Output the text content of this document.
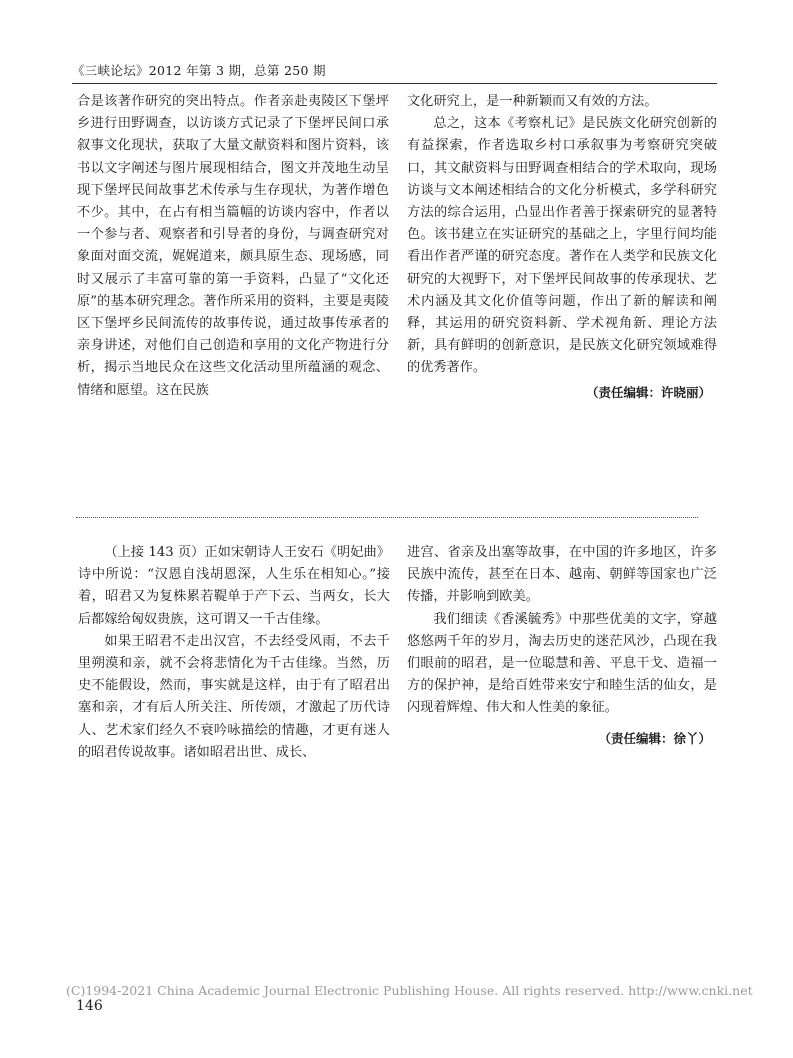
《三峡论坛》2012 年第 3 期，总第 250 期

合是该著作研究的突出特点。作者亲赴夷陵区下堡坪乡进行田野调查，以访谈方式记录了下堡坪民间口承叙事文化现状，获取了大量文献资料和图片资料，该书以文字阐述与图片展现相结合，图文并茂地生动呈现下堡坪民间故事艺术传承与生存现状，为著作增色不少。其中，在占有相当篇幅的访谈内容中，作者以一个参与者、观察者和引导者的身份，与调查研究对象面对面交流，娓娓道来，颇具原生态、现场感，同时又展示了丰富可靠的第一手资料，凸显了“文化还原”的基本研究理念。著作所采用的资料，主要是夷陵区下堡坪乡民间流传的故事传说，通过故事传承者的亲身讲述，对他们自己创造和享用的文化产物进行分析，揭示当地民众在这些文化活动里所蕴涵的观念、情绪和愿望。这在民族

文化研究上，是一种新颖而又有效的方法。

总之，这本《考察札记》是民族文化研究创新的有益探索，作者选取乡村口承叙事为考察研究突破口，其文献资料与田野调查相结合的学术取向，现场访谈与文本阐述相结合的文化分析模式，多学科研究方法的综合运用，凸显出作者善于探索研究的显著特色。该书建立在实证研究的基础之上，字里行间均能看出作者严谨的研究态度。著作在人类学和民族文化研究的大视野下，对下堡坪民间故事的传承现状、艺术内涵及其文化价值等问题，作出了新的解读和阐释，其运用的研究资料新、学术视角新、理论方法新，具有鲜明的创新意识，是民族文化研究领域难得的优秀著作。

（责任编辑：许晓丽）

（上接 143 页）正如宋朝诗人王安石《明妃曲》诗中所说：“汉恩自浅胡恩深，人生乐在相知心。”接着，昭君又为复株累若鞮单于产下云、当两女，长大后都嫁给匈奴贵族，这可谓又一千古佳缘。

如果王昭君不走出汉宫，不去经受风雨，不去千里朔漠和亲，就不会将悲情化为千古佳缘。当然，历史不能假设，然而，事实就是这样，由于有了昭君出塞和亲，才有后人所关注、所传颂，才激起了历代诗人、艺术家们经久不衰吟咏描绘的情趣，才更有迷人的昭君传说故事。诸如昭君出世、成长、

进宫、省亲及出塞等故事，在中国的许多地区，许多民族中流传，甚至在日本、越南、朝鲜等国家也广泛传播，并影响到欧美。

我们细读《香溪毓秀》中那些优美的文字，穿越悠悠两千年的岁月，淘去历史的迷茫风沙，凸现在我们眼前的昭君，是一位聪慧和善、平息干戈、造福一方的保护神，是给百姓带来安宁和睦生活的仙女，是闪现着辉煌、伟大和人性美的象征。

（责任编辑：徐丫）

(C)1994-2021 China Academic Journal Electronic Publishing House. All rights reserved. http://www.cnki.net
146
